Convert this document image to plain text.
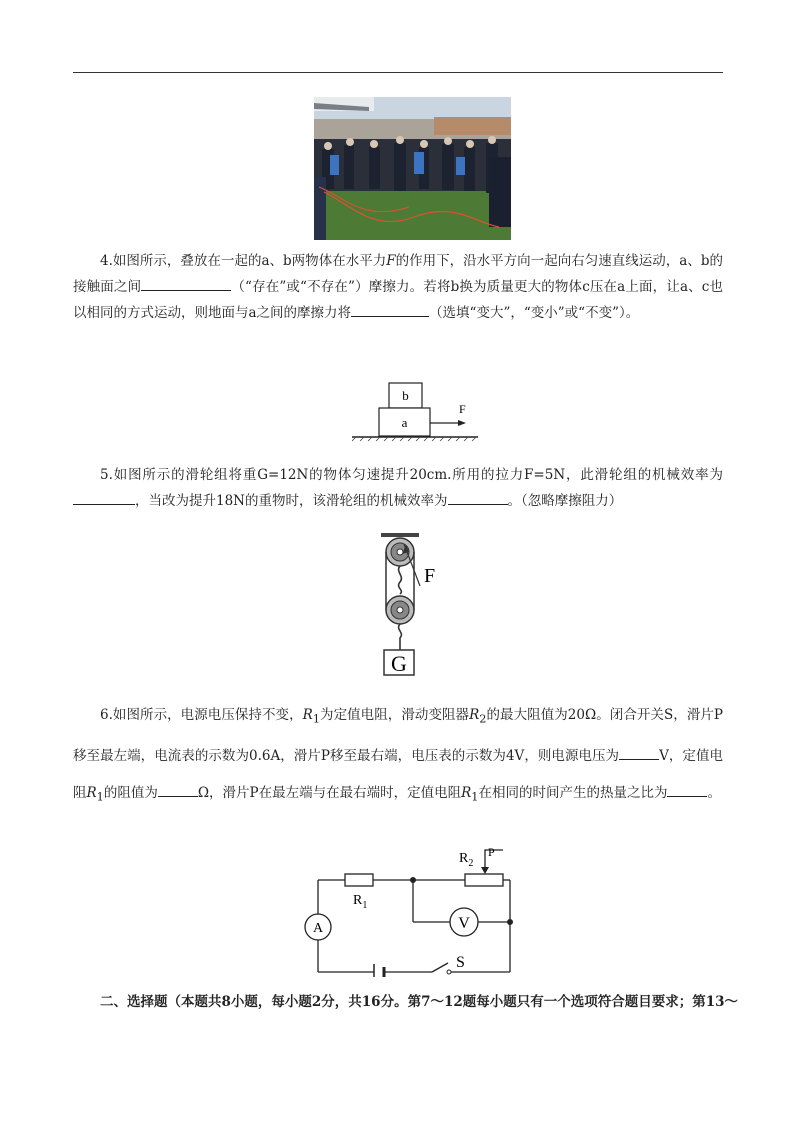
4.如图所示，叠放在一起的a、b两物体在水平力F的作用下，沿水平方向一起向右匀速直线运动，a、b的接触面之间	（“存在”或“不存在”）摩擦力。若将b换为质量更大的物体c压在a上面，让a、c也以相同的方式运动，则地面与a之间的摩擦力将	（选填“变大”，“变小”或“不变”）。
b
a
F
5.如图所示的滑轮组将重G=12N的物体匀速提升20cm.所用的拉力F=5N，此滑轮组的机械效率为，当改为提升18N的重物时，该滑轮组的机械效率为	。（忽略摩擦阻力）
G
F
6.如图所示，电源电压保持不变，$R_1$为定值电阻，滑动变阻器$R_2$的最大阻值为20Ω。闭合开关S，滑片P移至最左端，电流表的示数为0.6A，滑片P移至最右端，电压表的示数为4V，则电源电压为	V，定值电阻$R_1$的阻值为	Ω，滑片P在最左端与在最右端时，定值电阻$R_1$在相同的时间产生的热量之比为	。
A	V
$R_2$
P
$R_1$
S
二、选择题（本题共8小题，每小题2分，共16分。第7～12题每小题只有一个选项符合题目要求；第13～
